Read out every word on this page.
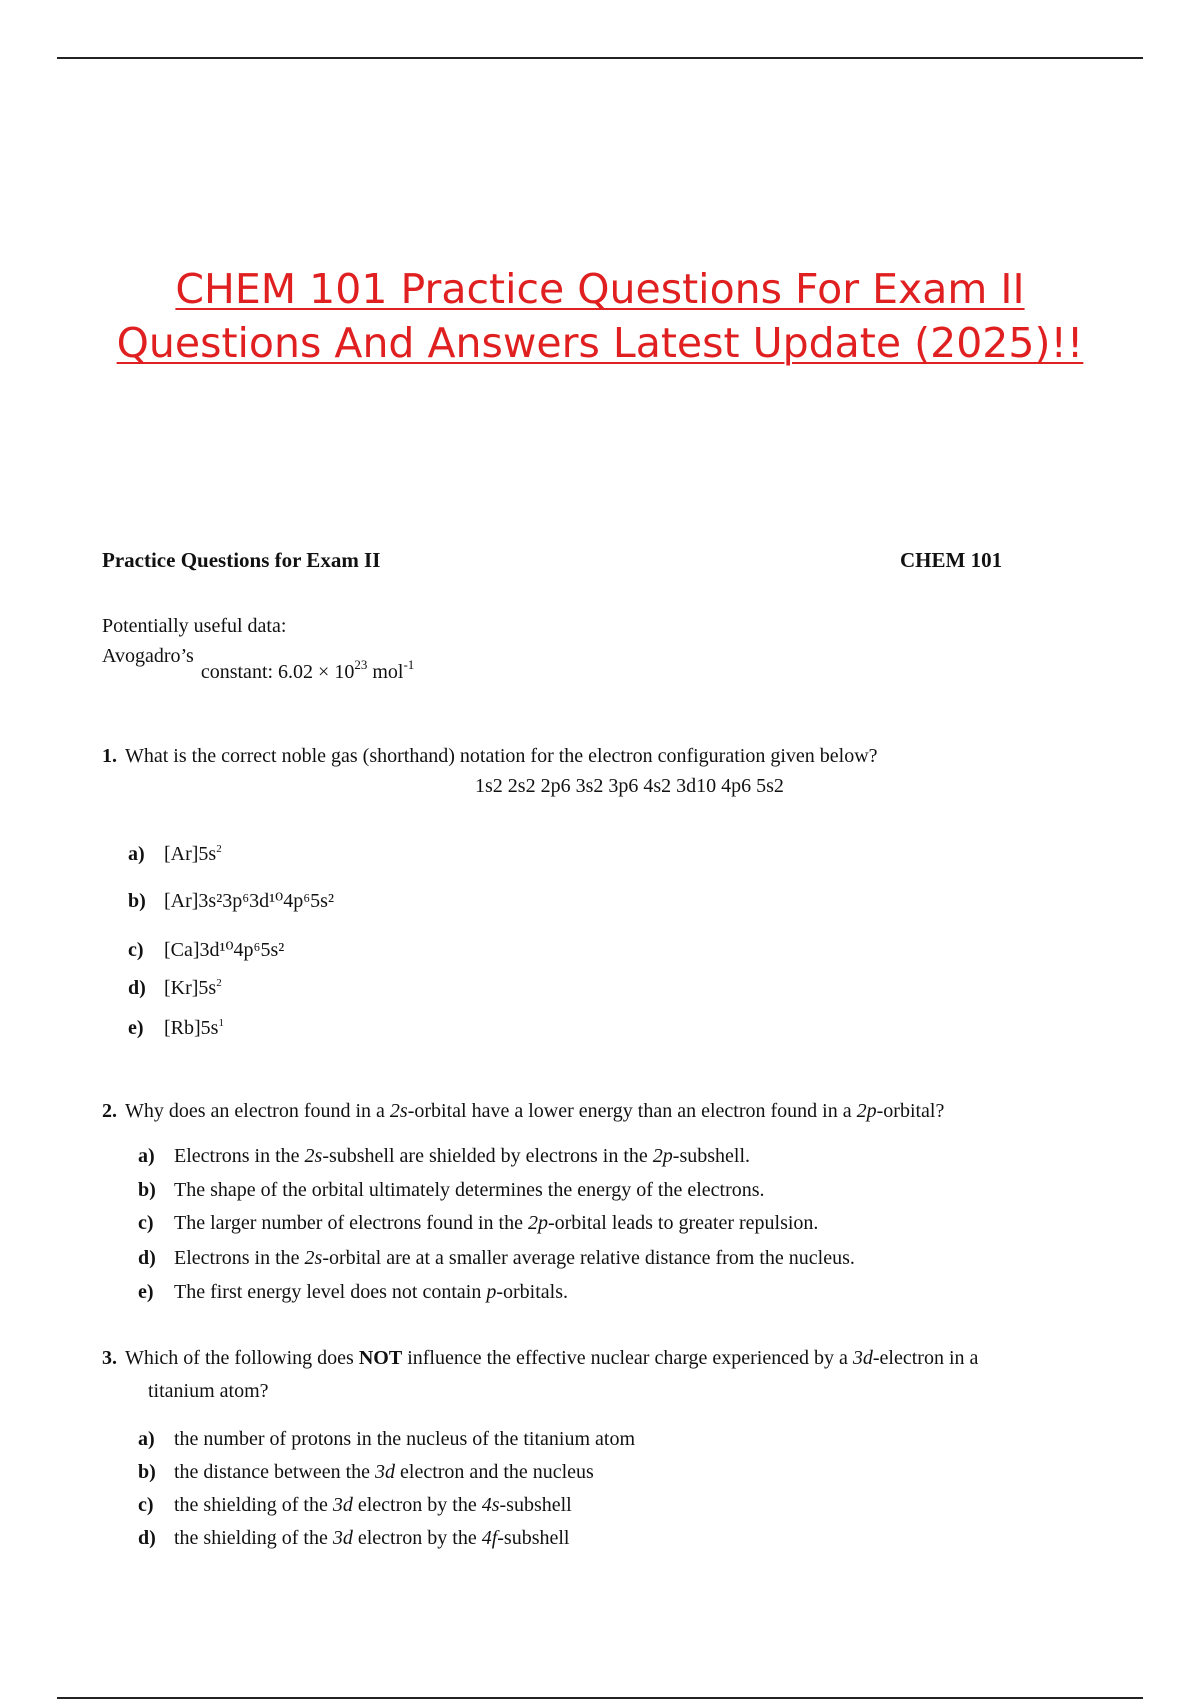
CHEM 101 Practice Questions For Exam II
Questions And Answers Latest Update (2025)!!
Practice Questions for Exam II	CHEM 101
Potentially useful data:
Avogadro’s constant: $6.02 \times 10^{23}$ mol$^{-1}$
1. What is the correct noble gas (shorthand) notation for the electron configuration given below?
1s2 2s2 2p6 3s2 3p6 4s2 3d10 4p6 5s2
a) $[Ar]5s^2$
b) [Ar]3s²3p⁶3d¹⁰4p⁶5s²
c) [Ca]3d¹⁰4p⁶5s²
d) $[Kr]5s^2$
e) $[Rb]5s^1$
2. Why does an electron found in a 2s-orbital have a lower energy than an electron found in a 2p-orbital?
a) Electrons in the 2s-subshell are shielded by electrons in the 2p-subshell.
b) The shape of the orbital ultimately determines the energy of the electrons.
c) The larger number of electrons found in the 2p-orbital leads to greater repulsion.
d) Electrons in the 2s-orbital are at a smaller average relative distance from the nucleus.
e) The first energy level does not contain p-orbitals.
3. Which of the following does NOT influence the effective nuclear charge experienced by a 3d-electron in a
titanium atom?
a) the number of protons in the nucleus of the titanium atom
b) the distance between the 3d electron and the nucleus
c) the shielding of the 3d electron by the 4s-subshell
d) the shielding of the 3d electron by the 4f-subshell
